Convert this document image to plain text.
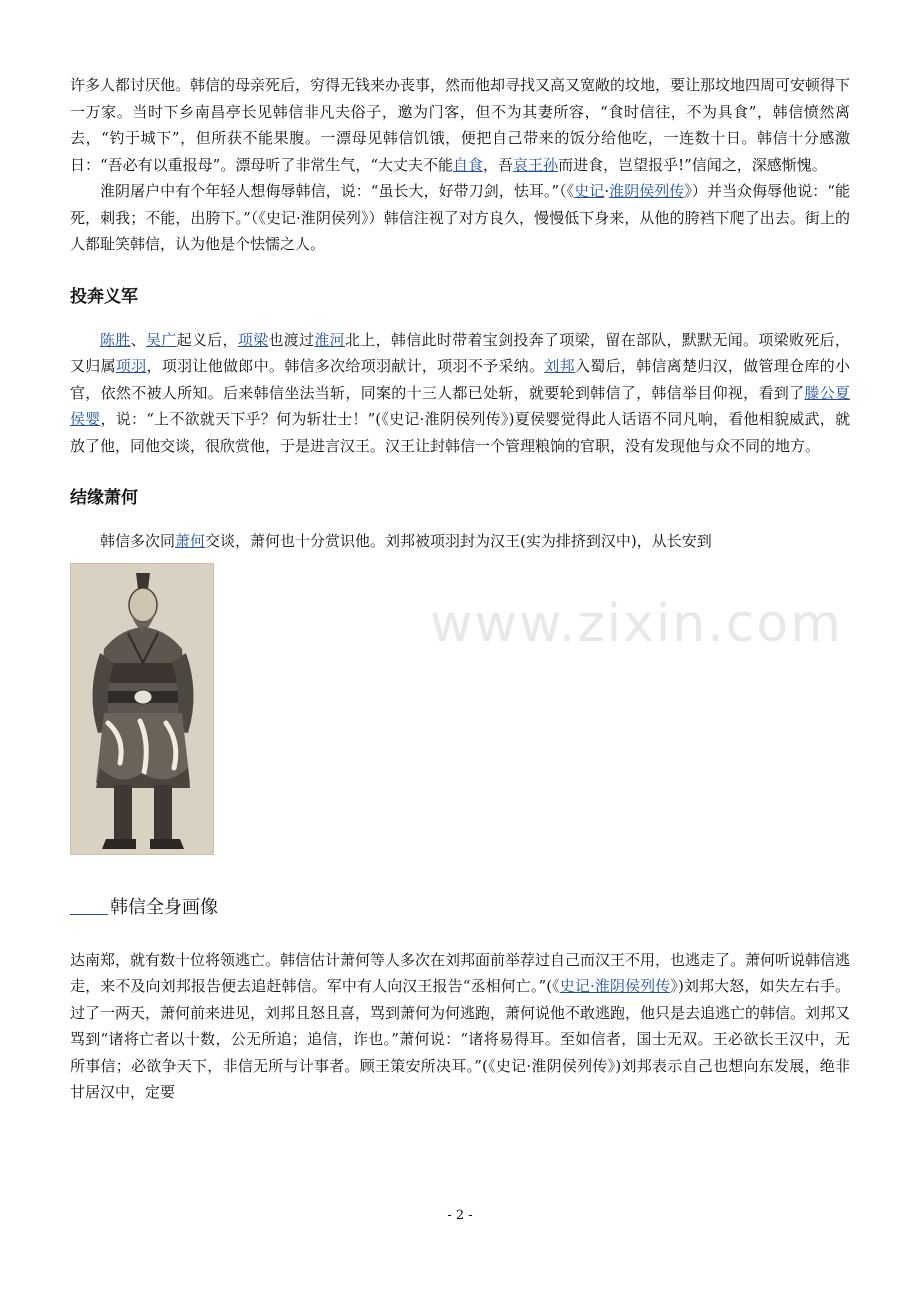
许多人都讨厌他。韩信的母亲死后，穷得无钱来办丧事，然而他却寻找又高又宽敞的坟地，要让那坟地四周可安顿得下一万家。当时下乡南昌亭长见韩信非凡夫俗子，邀为门客，但不为其妻所容，“食时信往，不为具食”，韩信愤然离去，“钓于城下”，但所获不能果腹。一漂母见韩信饥饿，便把自己带来的饭分给他吃，一连数十日。韩信十分感激日：“吾必有以重报母”。漂母听了非常生气，“大丈夫不能自食，吾哀王孙而进食，岂望报乎!”信闻之，深感惭愧。

淮阴屠户中有个年轻人想侮辱韩信，说：“虽长大，好带刀剑，怯耳。”（《史记·淮阴侯列传》）并当众侮辱他说：“能死，刺我；不能，出胯下。”（《史记·淮阴侯列》）韩信注视了对方良久，慢慢低下身来，从他的胯裆下爬了出去。街上的人都耻笑韩信，认为他是个怯懦之人。

投奔义军

陈胜、吴广起义后，项梁也渡过淮河北上，韩信此时带着宝剑投奔了项梁，留在部队，默默无闻。项梁败死后，又归属项羽，项羽让他做郎中。韩信多次给项羽献计，项羽不予采纳。刘邦入蜀后，韩信离楚归汉，做管理仓库的小官，依然不被人所知。后来韩信坐法当斩，同案的十三人都已处斩，就要轮到韩信了，韩信举目仰视，看到了滕公夏侯婴，说：“上不欲就天下乎？何为斩壮士！”(《史记·淮阴侯列传》)夏侯婴觉得此人话语不同凡响，看他相貌威武，就放了他，同他交谈，很欣赏他，于是进言汉王。汉王让封韩信一个管理粮饷的官职，没有发现他与众不同的地方。

结缘萧何

韩信多次同萧何交谈，萧何也十分赏识他。刘邦被项羽封为汉王(实为排挤到汉中)，从长安到

韩信全身画像

达南郑，就有数十位将领逃亡。韩信估计萧何等人多次在刘邦面前举荐过自己而汉王不用，也逃走了。萧何听说韩信逃走，来不及向刘邦报告便去追赶韩信。军中有人向汉王报告“丞相何亡。”(《史记·淮阴侯列传》)刘邦大怒，如失左右手。过了一两天，萧何前来进见，刘邦且怒且喜，骂到萧何为何逃跑，萧何说他不敢逃跑，他只是去追逃亡的韩信。刘邦又骂到“诸将亡者以十数，公无所追；追信，诈也。”萧何说：“诸将易得耳。至如信者，国士无双。王必欲长王汉中，无所事信；必欲争天下，非信无所与计事者。顾王策安所决耳。”(《史记·淮阴侯列传》)刘邦表示自己也想向东发展，绝非甘居汉中，定要

www.zixin.com
- 2 -
